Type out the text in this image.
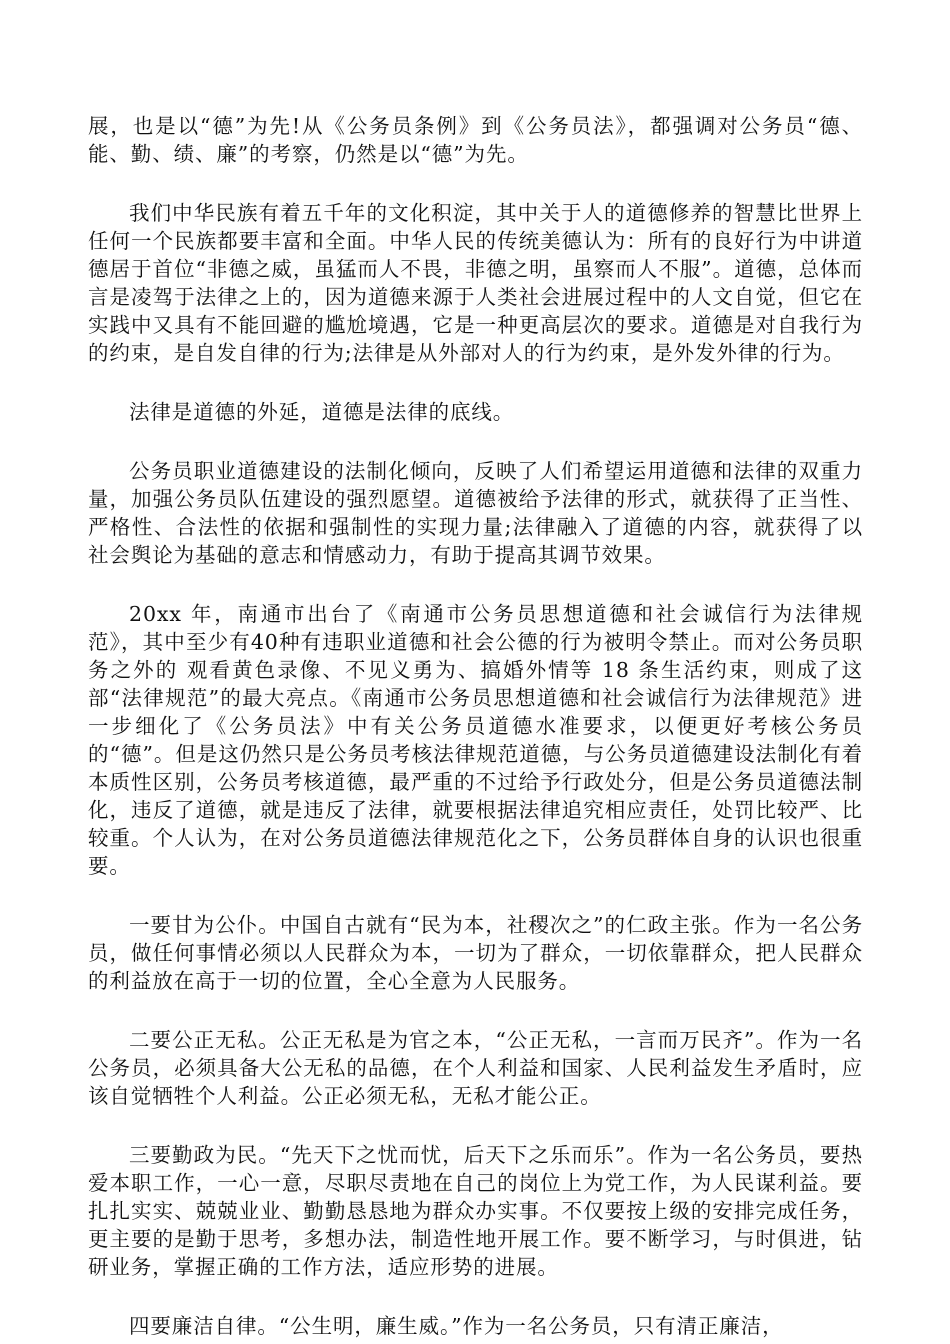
展，也是以“德”为先!从《公务员条例》到《公务员法》，都强调对公务员“德、能、勤、绩、廉”的考察，仍然是以“德”为先。

我们中华民族有着五千年的文化积淀，其中关于人的道德修养的智慧比世界上任何一个民族都要丰富和全面。中华人民的传统美德认为：所有的良好行为中讲道德居于首位“非德之威，虽猛而人不畏，非德之明，虽察而人不服”。道德，总体而言是凌驾于法律之上的，因为道德来源于人类社会进展过程中的人文自觉，但它在实践中又具有不能回避的尴尬境遇，它是一种更高层次的要求。道德是对自我行为的约束，是自发自律的行为;法律是从外部对人的行为约束，是外发外律的行为。

法律是道德的外延，道德是法律的底线。

公务员职业道德建设的法制化倾向，反映了人们希望运用道德和法律的双重力量，加强公务员队伍建设的强烈愿望。道德被给予法律的形式，就获得了正当性、严格性、合法性的依据和强制性的实现力量;法律融入了道德的内容，就获得了以社会舆论为基础的意志和情感动力，有助于提高其调节效果。

20xx 年，南通市出台了《南通市公务员思想道德和社会诚信行为法律规范》，其中至少有40种有违职业道德和社会公德的行为被明令禁止。而对公务员职务之外的 观看黄色录像、不见义勇为、搞婚外情等 18 条生活约束，则成了这部“法律规范”的最大亮点。《南通市公务员思想道德和社会诚信行为法律规范》进一步细化了《公务员法》中有关公务员道德水准要求，以便更好考核公务员的“德”。但是这仍然只是公务员考核法律规范道德，与公务员道德建设法制化有着本质性区别，公务员考核道德，最严重的不过给予行政处分，但是公务员道德法制化，违反了道德，就是违反了法律，就要根据法律追究相应责任，处罚比较严、比较重。个人认为，在对公务员道德法律规范化之下，公务员群体自身的认识也很重要。

一要甘为公仆。中国自古就有“民为本，社稷次之”的仁政主张。作为一名公务员，做任何事情必须以人民群众为本，一切为了群众，一切依靠群众，把人民群众的利益放在高于一切的位置，全心全意为人民服务。

二要公正无私。公正无私是为官之本，“公正无私，一言而万民齐”。作为一名公务员，必须具备大公无私的品德，在个人利益和国家、人民利益发生矛盾时，应该自觉牺牲个人利益。公正必须无私，无私才能公正。

三要勤政为民。“先天下之忧而忧，后天下之乐而乐”。作为一名公务员，要热爱本职工作，一心一意，尽职尽责地在自己的岗位上为党工作，为人民谋利益。要扎扎实实、兢兢业业、勤勤恳恳地为群众办实事。不仅要按上级的安排完成任务，更主要的是勤于思考，多想办法，制造性地开展工作。要不断学习，与时俱进，钻研业务，掌握正确的工作方法，适应形势的进展。

四要廉洁自律。“公生明，廉生威。”作为一名公务员，只有清正廉洁，
